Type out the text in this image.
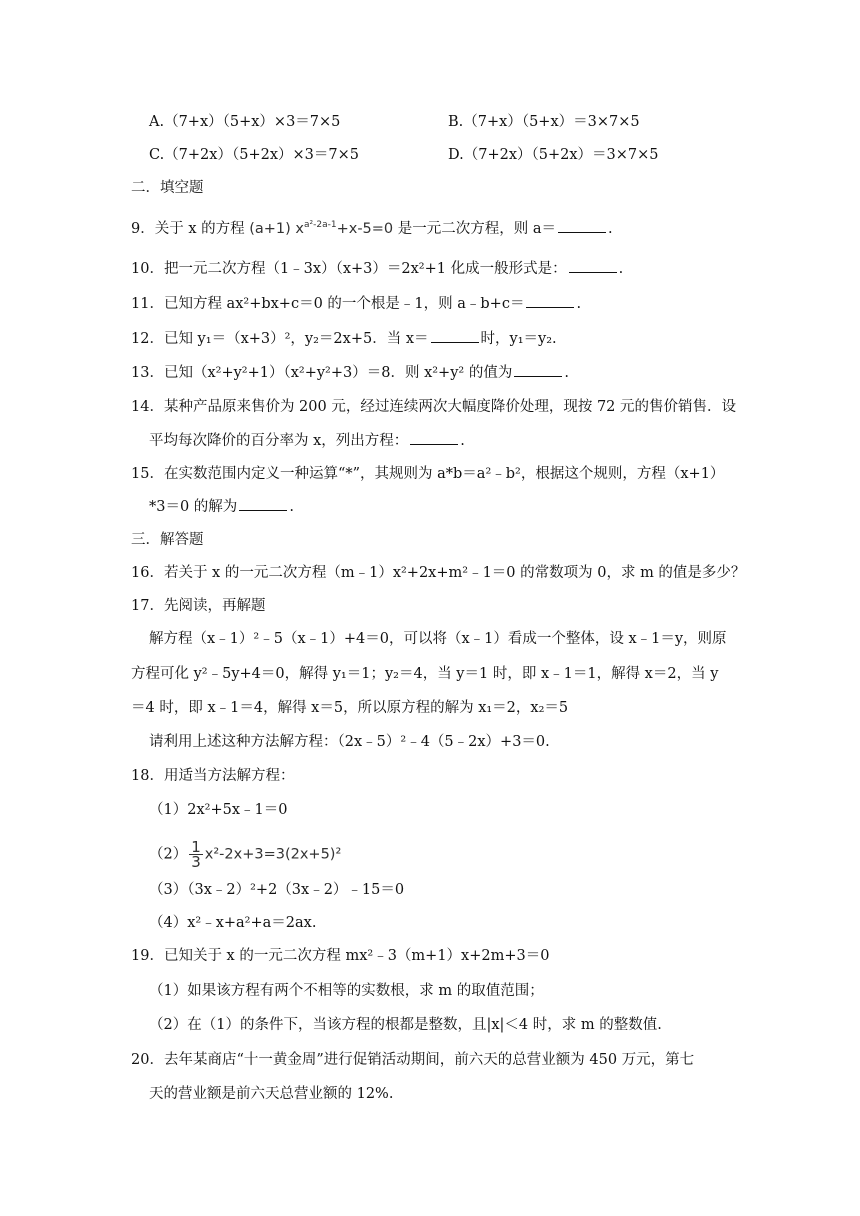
A.（7+x）（5+x）×3＝7×5	B.（7+x）（5+x）＝3×7×5
C.（7+2x）（5+2x）×3＝7×5	D.（7+2x）（5+2x）＝3×7×5
二．填空题
9．关于 x 的方程 (a+1) $x^{a^2-2a-1}+x-5=0$ 是一元二次方程，则 a＝	.
10．把一元二次方程（1﹣3x）（x+3）＝2x²+1 化成一般形式是：	.
11．已知方程 ax²+bx+c＝0 的一个根是﹣1，则 a﹣b+c＝	.
12．已知 y₁＝（x+3）²，y₂＝2x+5．当 x＝	时，y₁＝y₂.
13．已知（x²+y²+1）（x²+y²+3）＝8．则 x²+y² 的值为	.
14．某种产品原来售价为 200 元，经过连续两次大幅度降价处理，现按 72 元的售价销售．设
平均每次降价的百分率为 x，列出方程：	.
15．在实数范围内定义一种运算“*”，其规则为 a*b＝a²﹣b²，根据这个规则，方程（x+1）
*3＝0 的解为	.
三．解答题
16．若关于 x 的一元二次方程（m﹣1）x²+2x+m²﹣1＝0 的常数项为 0，求 m 的值是多少？
17．先阅读，再解题
解方程（x﹣1）²﹣5（x﹣1）+4＝0，可以将（x﹣1）看成一个整体，设 x﹣1＝y，则原
方程可化 y²﹣5y+4＝0，解得 y₁＝1；y₂＝4，当 y＝1 时，即 x﹣1＝1，解得 x＝2，当 y
＝4 时，即 x﹣1＝4，解得 x＝5，所以原方程的解为 x₁＝2，x₂＝5
请利用上述这种方法解方程：（2x﹣5）²﹣4（5﹣2x）+3＝0.
18．用适当方法解方程：
（1）2x²+5x﹣1＝0
$(2) \frac{1}{3} x^2-2x+3=3(2x+5)^2$
（3）（3x﹣2）²+2（3x﹣2）﹣15＝0
（4）x²﹣x+a²+a＝2ax.
19．已知关于 x 的一元二次方程 mx²﹣3（m+1）x+2m+3＝0
（1）如果该方程有两个不相等的实数根，求 m 的取值范围；
（2）在（1）的条件下，当该方程的根都是整数，且|x|＜4 时，求 m 的整数值.
20．去年某商店“十一黄金周”进行促销活动期间，前六天的总营业额为 450 万元，第七
天的营业额是前六天总营业额的 12%.
